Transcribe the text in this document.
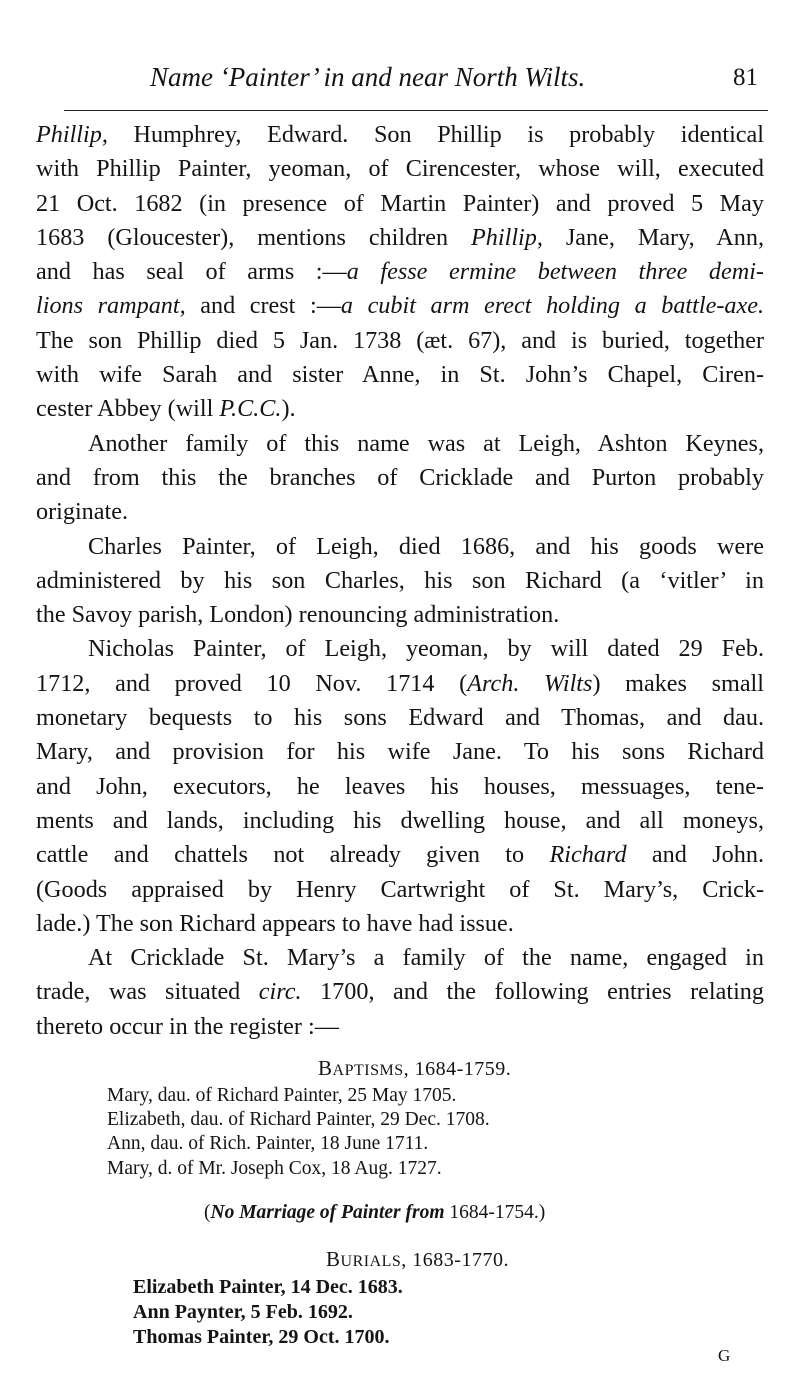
Name ‘Painter’ in and near North Wilts.	81
Phillip, Humphrey, Edward. Son Phillip is probably identical
with Phillip Painter, yeoman, of Cirencester, whose will, executed
21 Oct. 1682 (in presence of Martin Painter) and proved 5 May
1683 (Gloucester), mentions children Phillip, Jane, Mary, Ann,
and has seal of arms :—a fesse ermine between three demi-
lions rampant, and crest :—a cubit arm erect holding a battle-axe.
The son Phillip died 5 Jan. 1738 (æt. 67), and is buried, together
with wife Sarah and sister Anne, in St. John’s Chapel, Ciren-
cester Abbey (will P.C.C.).
Another family of this name was at Leigh, Ashton Keynes,
and from this the branches of Cricklade and Purton probably
originate.
Charles Painter, of Leigh, died 1686, and his goods were
administered by his son Charles, his son Richard (a ‘vitler’ in
the Savoy parish, London) renouncing administration.
Nicholas Painter, of Leigh, yeoman, by will dated 29 Feb.
1712, and proved 10 Nov. 1714 (Arch. Wilts) makes small
monetary bequests to his sons Edward and Thomas, and dau.
Mary, and provision for his wife Jane. To his sons Richard
and John, executors, he leaves his houses, messuages, tene-
ments and lands, including his dwelling house, and all moneys,
cattle and chattels not already given to Richard and John.
(Goods appraised by Henry Cartwright of St. Mary’s, Crick-
lade.) The son Richard appears to have had issue.
At Cricklade St. Mary’s a family of the name, engaged in
trade, was situated circ. 1700, and the following entries relating
thereto occur in the register :—
BAPTISMS, 1684-1759.
Mary, dau. of Richard Painter, 25 May 1705.
Elizabeth, dau. of Richard Painter, 29 Dec. 1708.
Ann, dau. of Rich. Painter, 18 June 1711.
Mary, d. of Mr. Joseph Cox, 18 Aug. 1727.
(No Marriage of Painter from 1684-1754.)
BURIALS, 1683-1770.
Elizabeth Painter, 14 Dec. 1683.
Ann Paynter, 5 Feb. 1692.
Thomas Painter, 29 Oct. 1700.
G
